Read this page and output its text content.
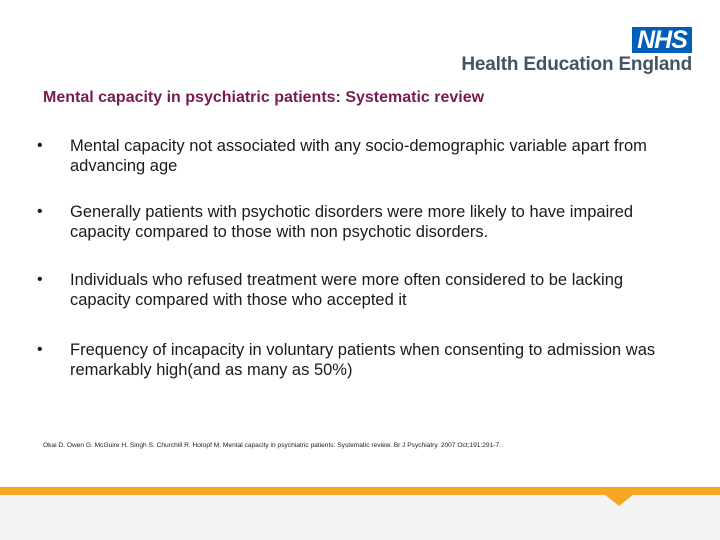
NHS
Health Education England
Mental capacity in psychiatric patients: Systematic review
•	Mental capacity not associated with any socio-demographic variable apart from advancing age
•	Generally patients with psychotic disorders were more likely to have impaired capacity compared to those with non psychotic disorders.
•	Individuals who refused treatment were more often considered to be lacking capacity compared with those who accepted it
•	Frequency of incapacity in voluntary patients when consenting to admission was remarkably high(and as many as 50%)
Okai D. Owen G. McGuire H. Singh S. Churchill R. Hotopf M. Mental capacity in psychiatric patients: Systematic review. Br J Psychiatry. 2007 Oct;191:291-7.
